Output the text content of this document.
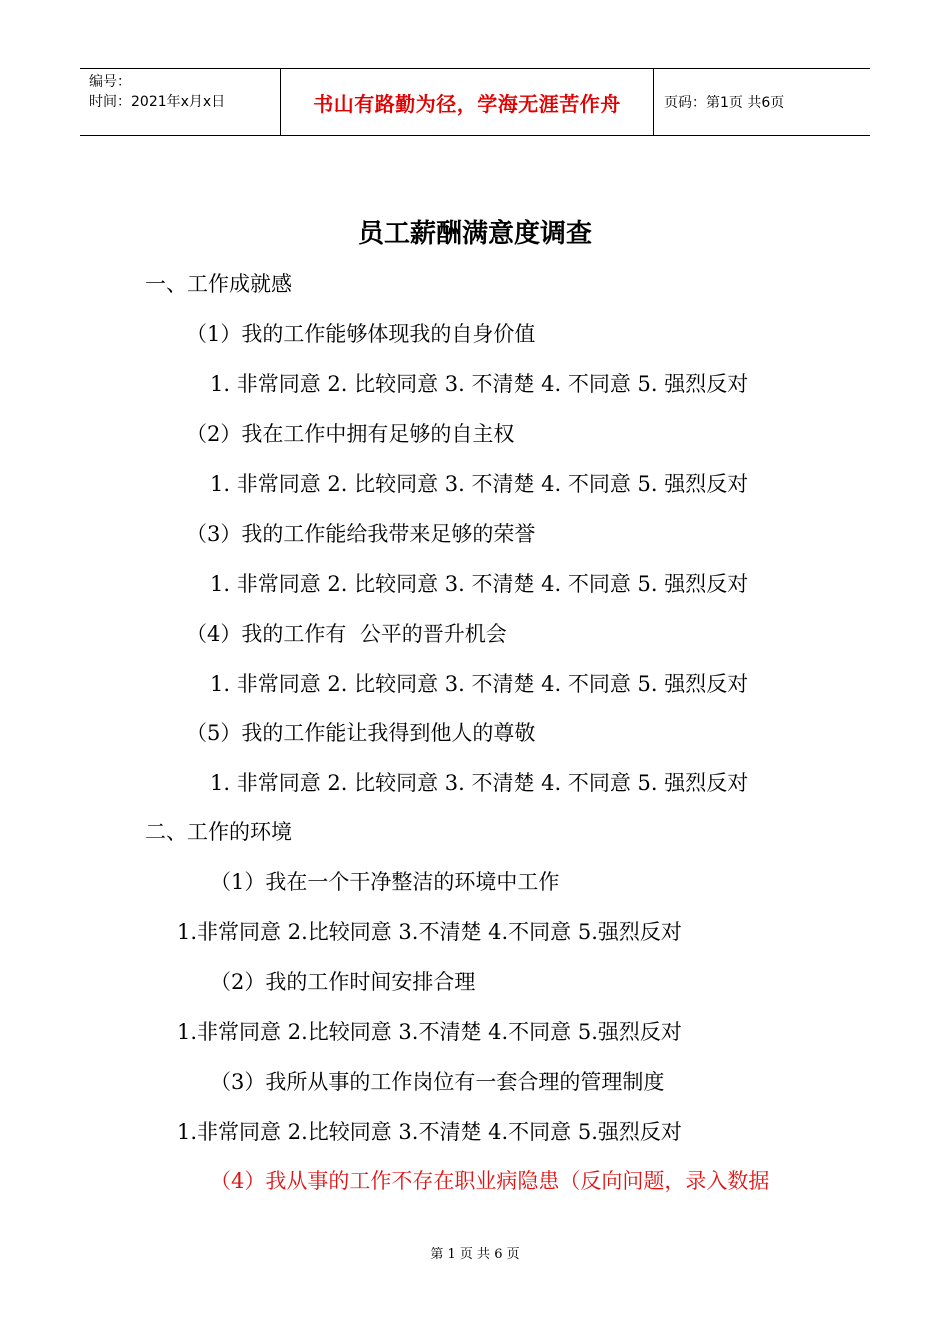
编号：
时间：2021年x月x日	书山有路勤为径，学海无涯苦作舟	页码：第1页 共6页
员工薪酬满意度调查
一、工作成就感
（1）我的工作能够体现我的自身价值
1. 非常同意 2. 比较同意 3. 不清楚 4. 不同意 5. 强烈反对
（2）我在工作中拥有足够的自主权
1. 非常同意 2. 比较同意 3. 不清楚 4. 不同意 5. 强烈反对
（3）我的工作能给我带来足够的荣誉
1. 非常同意 2. 比较同意 3. 不清楚 4. 不同意 5. 强烈反对
（4）我的工作有  公平的晋升机会
1. 非常同意 2. 比较同意 3. 不清楚 4. 不同意 5. 强烈反对
（5）我的工作能让我得到他人的尊敬
1. 非常同意 2. 比较同意 3. 不清楚 4. 不同意 5. 强烈反对
二、工作的环境
（1）我在一个干净整洁的环境中工作
1.非常同意 2.比较同意 3.不清楚 4.不同意 5.强烈反对
（2）我的工作时间安排合理
1.非常同意 2.比较同意 3.不清楚 4.不同意 5.强烈反对
（3）我所从事的工作岗位有一套合理的管理制度
1.非常同意 2.比较同意 3.不清楚 4.不同意 5.强烈反对
（4）我从事的工作不存在职业病隐患（反向问题，录入数据
第 1 页 共 6 页
